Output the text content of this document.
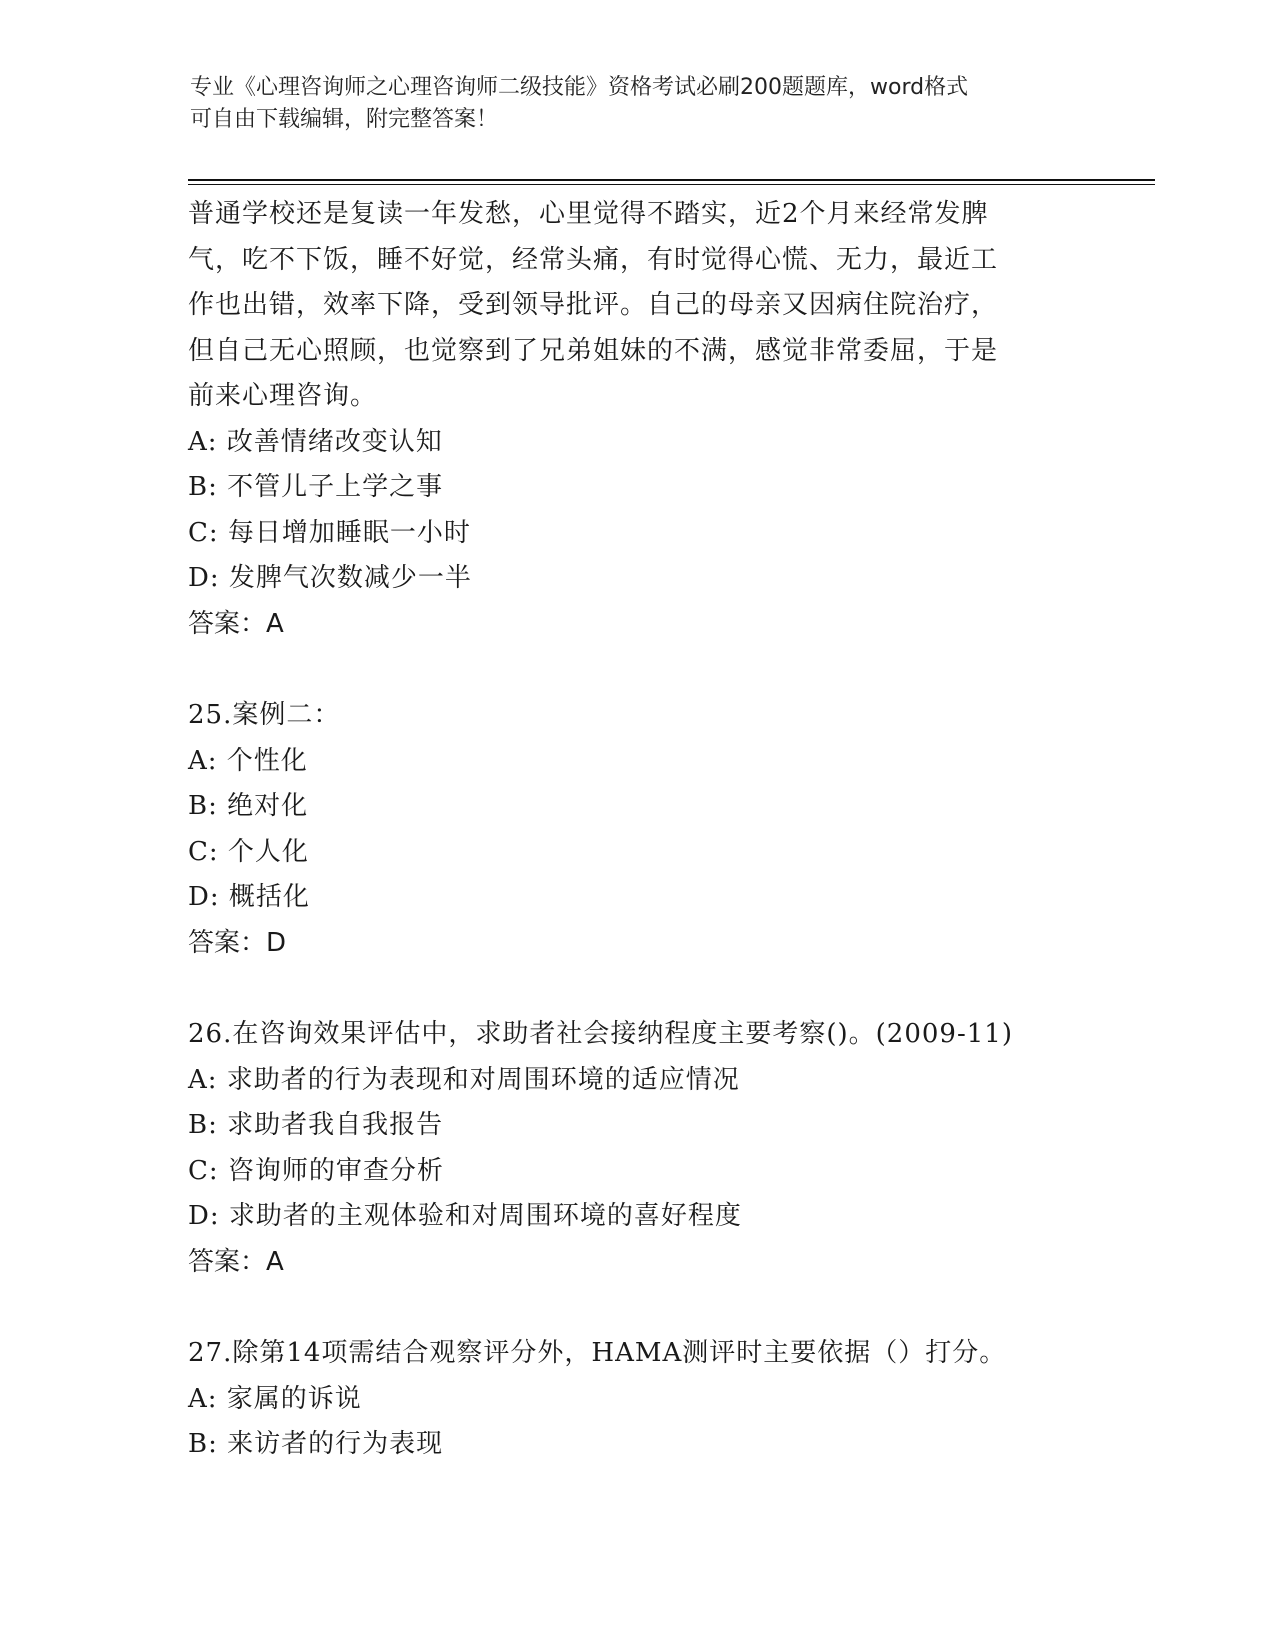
专业《心理咨询师之心理咨询师二级技能》资格考试必刷200题题库，word格式
可自由下载编辑，附完整答案！
普通学校还是复读一年发愁，心里觉得不踏实，近2个月来经常发脾
气，吃不下饭，睡不好觉，经常头痛，有时觉得心慌、无力，最近工
作也出错，效率下降，受到领导批评。自己的母亲又因病住院治疗，
但自己无心照顾，也觉察到了兄弟姐妹的不满，感觉非常委屈，于是
前来心理咨询。
A: 改善情绪改变认知
B: 不管儿子上学之事
C: 每日增加睡眠一小时
D: 发脾气次数减少一半
答案：A
25.案例二：
A: 个性化
B: 绝对化
C: 个人化
D: 概括化
答案：D
26.在咨询效果评估中，求助者社会接纳程度主要考察()。(2009-11)
A: 求助者的行为表现和对周围环境的适应情况
B: 求助者我自我报告
C: 咨询师的审查分析
D: 求助者的主观体验和对周围环境的喜好程度
答案：A
27.除第14项需结合观察评分外，HAMA测评时主要依据（）打分。
A: 家属的诉说
B: 来访者的行为表现
